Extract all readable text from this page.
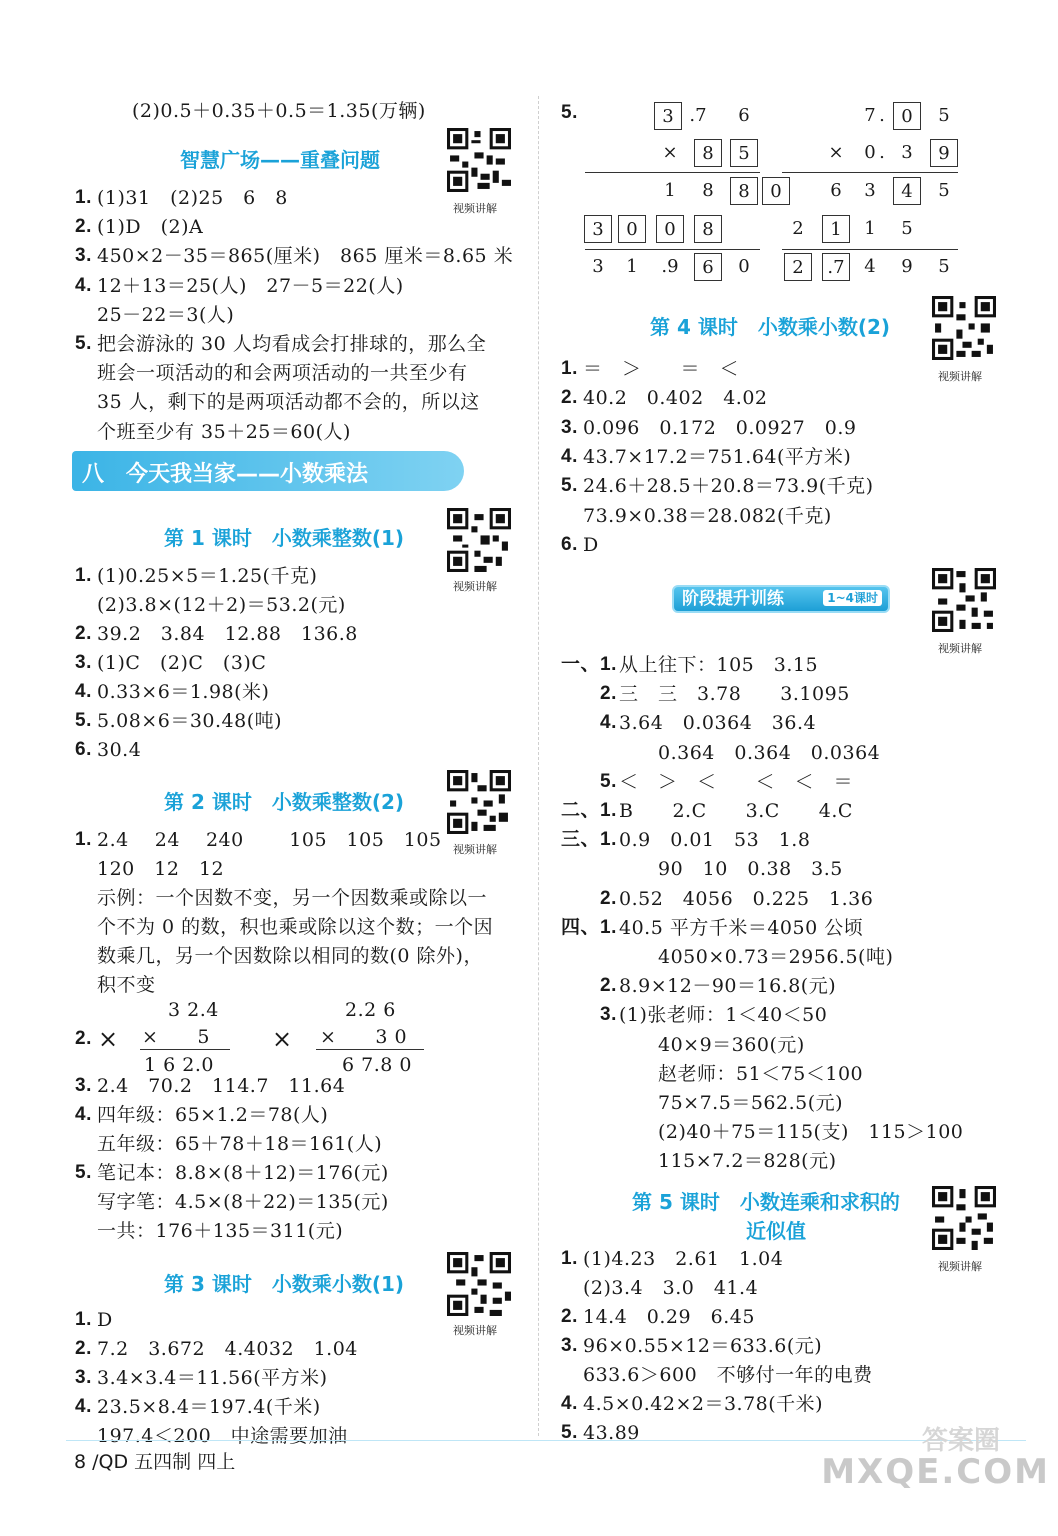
(2)0.5＋0.35＋0.5＝1.35(万辆)
智慧广场——重叠问题
视频讲解
1. (1)31　(2)25　6　8
2. (1)D　(2)A
3. 450×2－35＝865(厘米)　865 厘米＝8.65 米
4. 12＋13＝25(人)　27－5＝22(人)
25－22＝3(人)
5. 把会游泳的 30 人均看成会打排球的，那么全
班会一项活动的和会两项活动的一共至少有
35 人，剩下的是两项活动都不会的，所以这
个班至少有 35＋25＝60(人)
八　今天我当家——小数乘法
第 1 课时　小数乘整数(1)
视频讲解
1. (1)0.25×5＝1.25(千克)
(2)3.8×(12＋2)＝53.2(元)
2. 39.2　3.84　12.88　136.8
3. (1)C　(2)C　(3)C
4. 0.33×6＝1.98(米)
5. 5.08×6＝30.48(吨)
6. 30.4
第 2 课时　小数乘整数(2)
视频讲解
1. 2.4　 24　 240　　 105　105　105
120　12　12
示例：一个因数不变，另一个因数乘或除以一
个不为 0 的数，积也乘或除以这个数；一个因
数乘几，另一个因数除以相同的数(0 除外)，
积不变
2. ×
3 2.4
×　　5
1 6 2.0
×
2.2 6
×　　3 0
6 7.8 0
3. 2.4　70.2　114.7　11.64
4. 四年级：65×1.2＝78(人)
五年级：65＋78＋18＝161(人)
5. 笔记本：8.8×(8＋12)＝176(元)
写字笔：4.5×(8＋22)＝135(元)
一共：176＋135＝311(元)
第 3 课时　小数乘小数(1)
视频讲解
1. D
2. 7.2　3.672　4.4032　1.04
3. 3.4×3.4＝11.56(平方米)
4. 23.5×8.4＝197.4(千米)
197.4＜200　中途需要加油
5.	3 .7	6
×	8	5
1	8	8	0
3	0	0	8
3	1	.9	6	0
7 . 0	5
×	0 . 3	9
6	3	4	5
2	1	1	5
2	.7	4	9	5
第 4 课时　小数乘小数(2)
视频讲解
1. ＝　＞　　＝　＜
2. 40.2　0.402　4.02
3. 0.096　0.172　0.0927　0.9
4. 43.7×17.2＝751.64(平方米)
5. 24.6＋28.5＋20.8＝73.9(千克)
73.9×0.38＝28.082(千克)
6. D
阶段提升训练	1~4课时
视频讲解
一、1. 从上往下：105　3.15
　　2. 三　三　3.78　　3.1095
　　4. 3.64　0.0364　36.4
　　0.364　0.364　0.0364
　　5. ＜　＞　＜　　＜　＜　＝
二、1. B　　2.C　　3.C　　4.C
三、1. 0.9　0.01　53　1.8
　　90　10　0.38　3.5
　　2. 0.52　4056　0.225　1.36
四、1. 40.5 平方千米＝4050 公顷
　　4050×0.73＝2956.5(吨)
　　2. 8.9×12－90＝16.8(元)
　　3. (1)张老师：1＜40＜50
　　40×9＝360(元)
　　赵老师：51＜75＜100
　　75×7.5＝562.5(元)
　　(2)40＋75＝115(支)　115＞100
　　115×7.2＝828(元)
第 5 课时　小数连乘和求积的
近似值
视频讲解
1. (1)4.23　2.61　1.04
(2)3.4　3.0　41.4
2. 14.4　0.29　6.45
3. 96×0.55×12＝633.6(元)
633.6＞600　不够付一年的电费
4. 4.5×0.42×2＝3.78(千米)
5. 43.89
8 /QD 五四制 四上
答案圈
MXQE.COM
